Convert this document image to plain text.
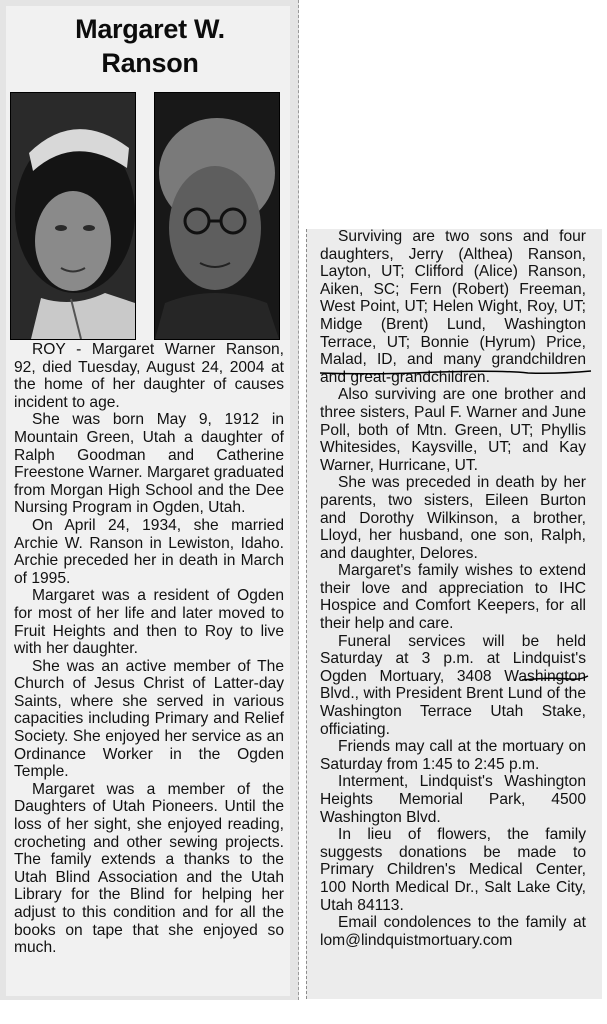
Margaret W.
Ranson

ROY - Margaret Warner Ranson, 92, died Tuesday, August 24, 2004 at the home of her daughter of causes incident to age.

She was born May 9, 1912 in Mountain Green, Utah a daughter of Ralph Goodman and Catherine Freestone Warner. Margaret graduated from Morgan High School and the Dee Nursing Program in Ogden, Utah.

On April 24, 1934, she married Archie W. Ranson in Lewiston, Idaho. Archie preceded her in death in March of 1995.

Margaret was a resident of Ogden for most of her life and later moved to Fruit Heights and then to Roy to live with her daughter.

She was an active member of The Church of Jesus Christ of Latter-day Saints, where she served in various capacities including Primary and Relief Society. She enjoyed her service as an Ordinance Worker in the Ogden Temple.

Margaret was a member of the Daughters of Utah Pioneers. Until the loss of her sight, she enjoyed reading, crocheting and other sewing projects. The family extends a thanks to the Utah Blind Association and the Utah Library for the Blind for helping her adjust to this condition and for all the books on tape that she enjoyed so much.

Surviving are two sons and four daughters, Jerry (Althea) Ranson, Layton, UT; Clifford (Alice) Ranson, Aiken, SC; Fern (Robert) Freeman, West Point, UT; Helen Wight, Roy, UT; Midge (Brent) Lund, Washington Terrace, UT; Bonnie (Hyrum) Price, Malad, ID, and many grandchildren and great-grandchildren.

Also surviving are one brother and three sisters, Paul F. Warner and June Poll, both of Mtn. Green, UT; Phyllis Whitesides, Kaysville, UT; and Kay Warner, Hurricane, UT.

She was preceded in death by her parents, two sisters, Eileen Burton and Dorothy Wilkinson, a brother, Lloyd, her husband, one son, Ralph, and daughter, Delores.

Margaret's family wishes to extend their love and appreciation to IHC Hospice and Comfort Keepers, for all their help and care.

Funeral services will be held Saturday at 3 p.m. at Lindquist's Ogden Mortuary, 3408 Washington Blvd., with President Brent Lund of the Washington Terrace Utah Stake, officiating.

Friends may call at the mortuary on Saturday from 1:45 to 2:45 p.m.

Interment, Lindquist's Washington Heights Memorial Park, 4500 Washington Blvd.

In lieu of flowers, the family suggests donations be made to Primary Children's Medical Center, 100 North Medical Dr., Salt Lake City, Utah 84113.

Email condolences to the family at lom@lindquistmortuary.com
